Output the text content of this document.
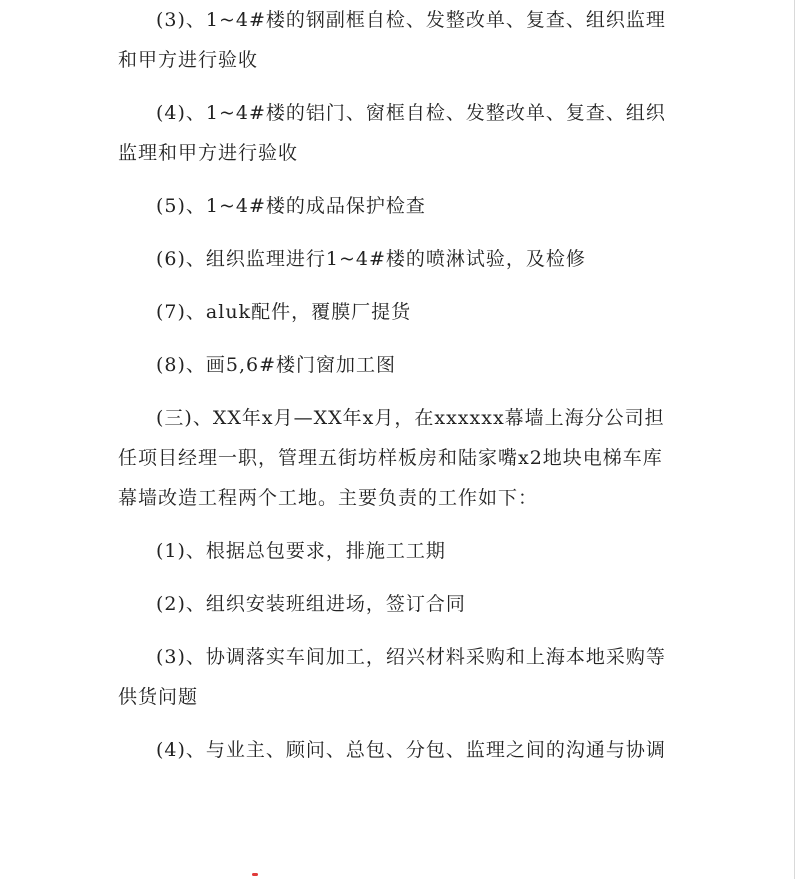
(3)、1~4#楼的钢副框自检、发整改单、复查、组织监理和甲方进行验收

(4)、1~4#楼的铝门、窗框自检、发整改单、复查、组织监理和甲方进行验收

(5)、1~4#楼的成品保护检查

(6)、组织监理进行1~4#楼的喷淋试验，及检修

(7)、aluk配件，覆膜厂提货

(8)、画5,6#楼门窗加工图

(三)、XX年x月—XX年x月，在xxxxxx幕墙上海分公司担任项目经理一职，管理五街坊样板房和陆家嘴x2地块电梯车库幕墙改造工程两个工地。主要负责的工作如下：

(1)、根据总包要求，排施工工期

(2)、组织安装班组进场，签订合同

(3)、协调落实车间加工，绍兴材料采购和上海本地采购等供货问题

(4)、与业主、顾问、总包、分包、监理之间的沟通与协调
